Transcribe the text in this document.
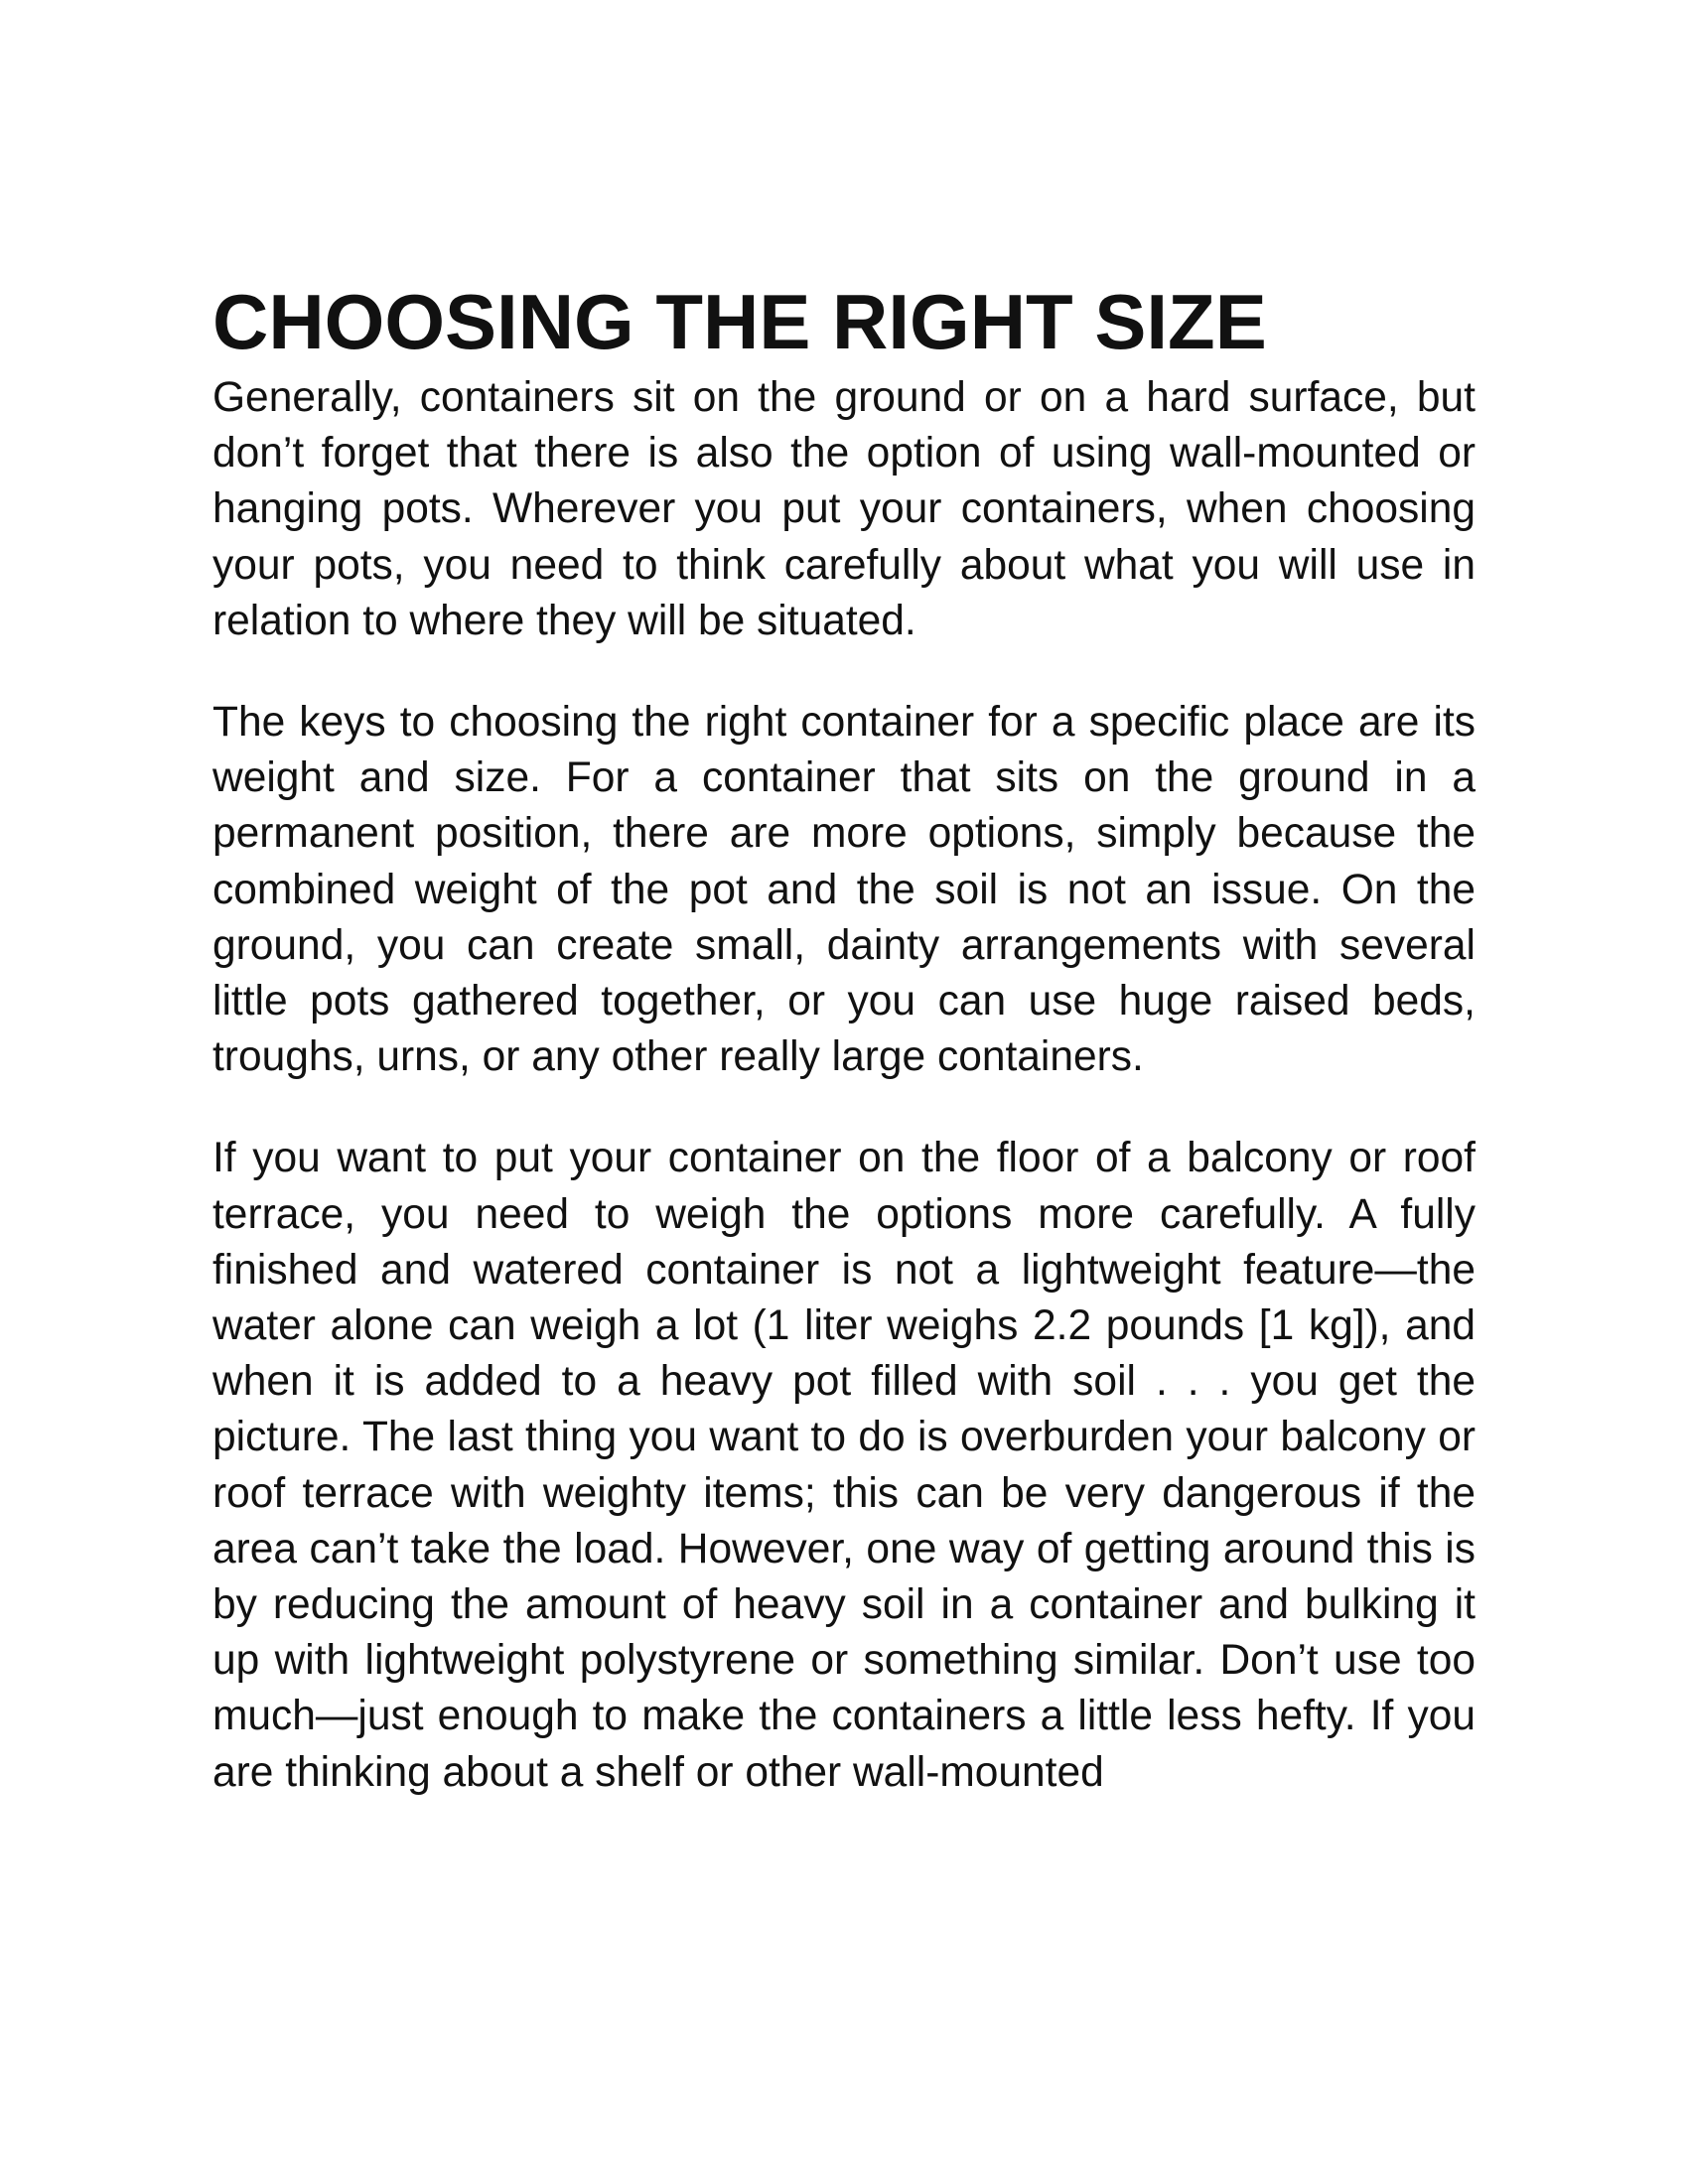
CHOOSING THE RIGHT SIZE

Generally, containers sit on the ground or on a hard surface, but don’t forget that there is also the option of using wall-mounted or hanging pots. Wherever you put your containers, when choosing your pots, you need to think carefully about what you will use in relation to where they will be situated.

The keys to choosing the right container for a specific place are its weight and size. For a container that sits on the ground in a permanent position, there are more options, simply because the combined weight of the pot and the soil is not an issue. On the ground, you can create small, dainty arrangements with several little pots gathered together, or you can use huge raised beds, troughs, urns, or any other really large containers.

If you want to put your container on the floor of a balcony or roof terrace, you need to weigh the options more carefully. A fully finished and watered container is not a lightweight feature—the water alone can weigh a lot (1 liter weighs 2.2 pounds [1 kg]), and when it is added to a heavy pot filled with soil . . . you get the picture. The last thing you want to do is overburden your balcony or roof terrace with weighty items; this can be very dangerous if the area can’t take the load. However, one way of getting around this is by reducing the amount of heavy soil in a container and bulking it up with lightweight polystyrene or something similar. Don’t use too much—just enough to make the containers a little less hefty. If you are thinking about a shelf or other wall-mounted
